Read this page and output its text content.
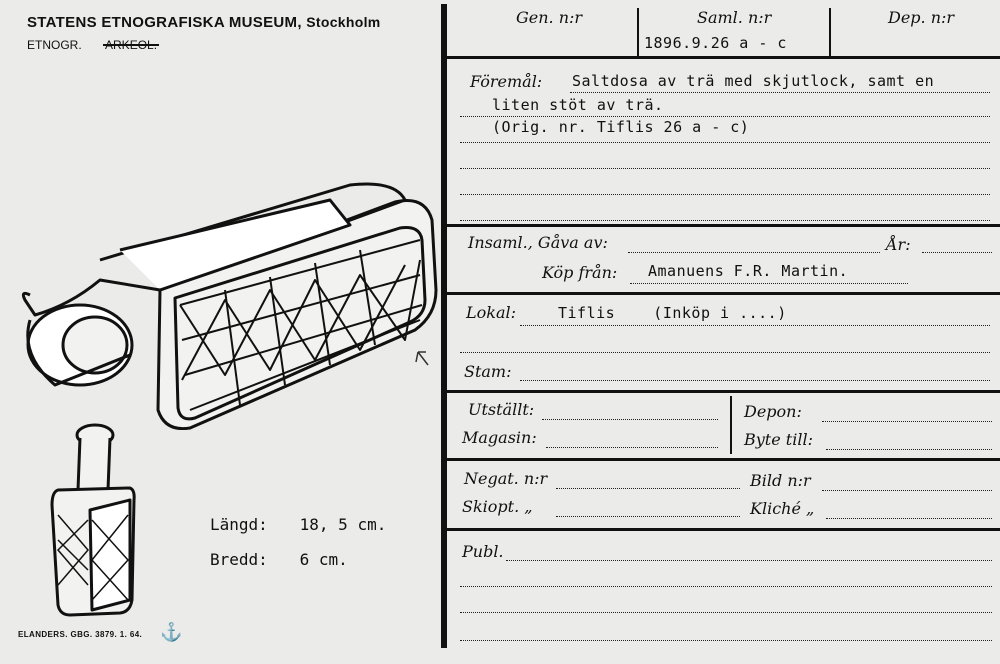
STATENS ETNOGRAFISKA MUSEUM, Stockholm
ETNOGR. ARKEOL.
Längd: 18, 5 cm.
Bredd: 6 cm.
ELANDERS. GBG. 3879. 1. 64. ⚓
Gen. n:r	Saml. n:r	Dep. n:r
1896.9.26 a - c
Föremål: Saltdosa av trä med skjutlock, samt en
liten stöt av trä.
(Orig. nr. Tiflis 26 a - c)
Insaml., Gåva av:	År:
Köp från: Amanuens F.R. Martin.
Lokal:	Tiflis    (Inköp i ....)
Stam:
Utställt:
Magasin:
Depon:
Byte till:
Negat. n:r	Bild n:r
Skiopt. „	Kliché „
Publ.
